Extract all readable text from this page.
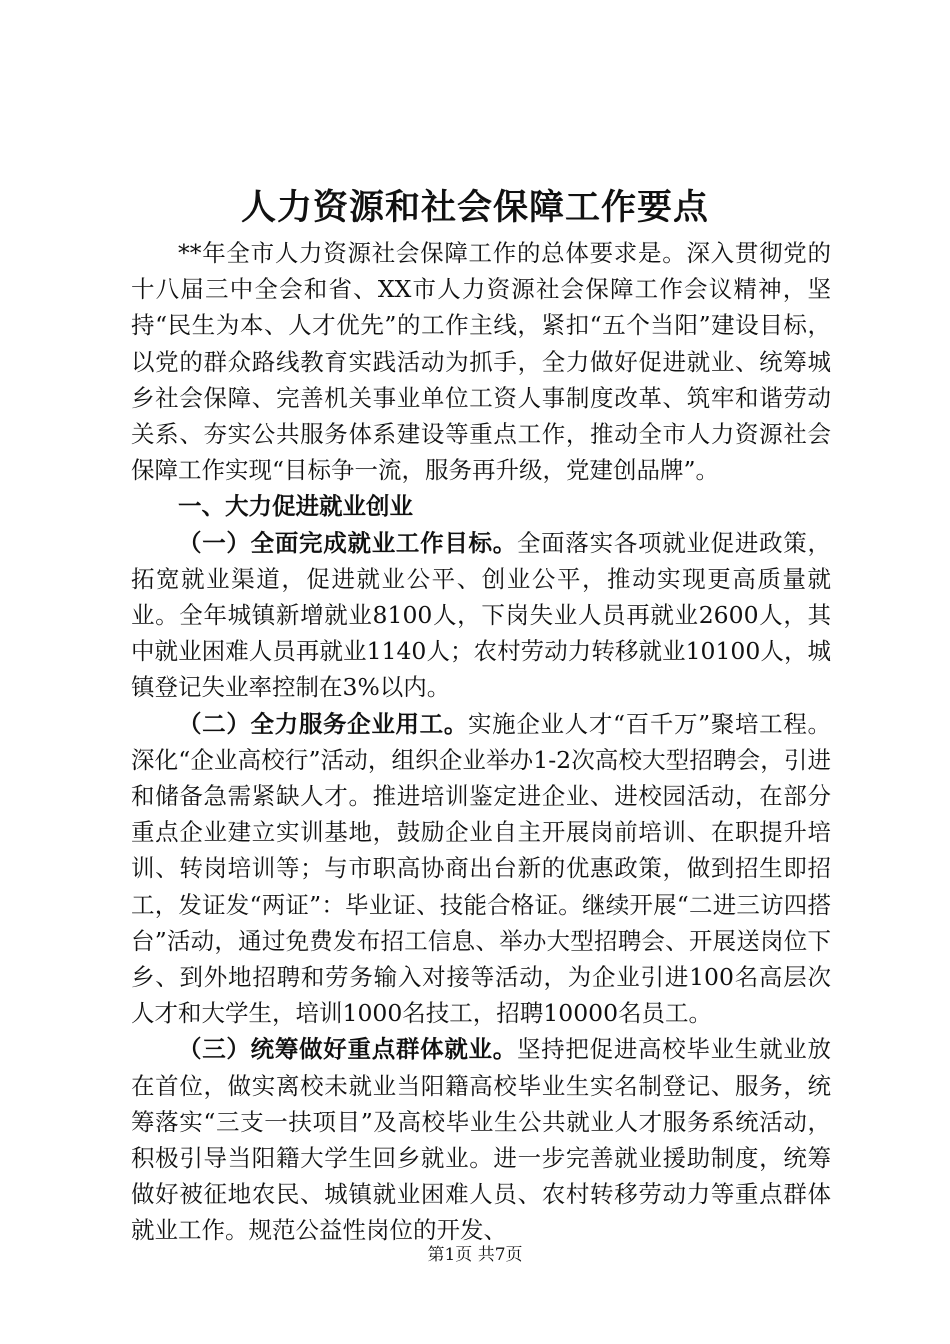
人力资源和社会保障工作要点

**年全市人力资源社会保障工作的总体要求是。深入贯彻党的十八届三中全会和省、XX市人力资源社会保障工作会议精神，坚持“民生为本、人才优先”的工作主线，紧扣“五个当阳”建设目标，以党的群众路线教育实践活动为抓手，全力做好促进就业、统筹城乡社会保障、完善机关事业单位工资人事制度改革、筑牢和谐劳动关系、夯实公共服务体系建设等重点工作，推动全市人力资源社会保障工作实现“目标争一流，服务再升级，党建创品牌”。

一、大力促进就业创业

（一）全面完成就业工作目标。全面落实各项就业促进政策，拓宽就业渠道，促进就业公平、创业公平，推动实现更高质量就业。全年城镇新增就业8100人，下岗失业人员再就业2600人，其中就业困难人员再就业1140人；农村劳动力转移就业10100人，城镇登记失业率控制在3%以内。

（二）全力服务企业用工。实施企业人才“百千万”聚培工程。深化“企业高校行”活动，组织企业举办1-2次高校大型招聘会，引进和储备急需紧缺人才。推进培训鉴定进企业、进校园活动，在部分重点企业建立实训基地，鼓励企业自主开展岗前培训、在职提升培训、转岗培训等；与市职高协商出台新的优惠政策，做到招生即招工，发证发“两证”：毕业证、技能合格证。继续开展“二进三访四搭台”活动，通过免费发布招工信息、举办大型招聘会、开展送岗位下乡、到外地招聘和劳务输入对接等活动，为企业引进100名高层次人才和大学生，培训1000名技工，招聘10000名员工。

（三）统筹做好重点群体就业。坚持把促进高校毕业生就业放在首位，做实离校未就业当阳籍高校毕业生实名制登记、服务，统筹落实“三支一扶项目”及高校毕业生公共就业人才服务系统活动，积极引导当阳籍大学生回乡就业。进一步完善就业援助制度，统筹做好被征地农民、城镇就业困难人员、农村转移劳动力等重点群体就业工作。规范公益性岗位的开发、

第1页 共7页
